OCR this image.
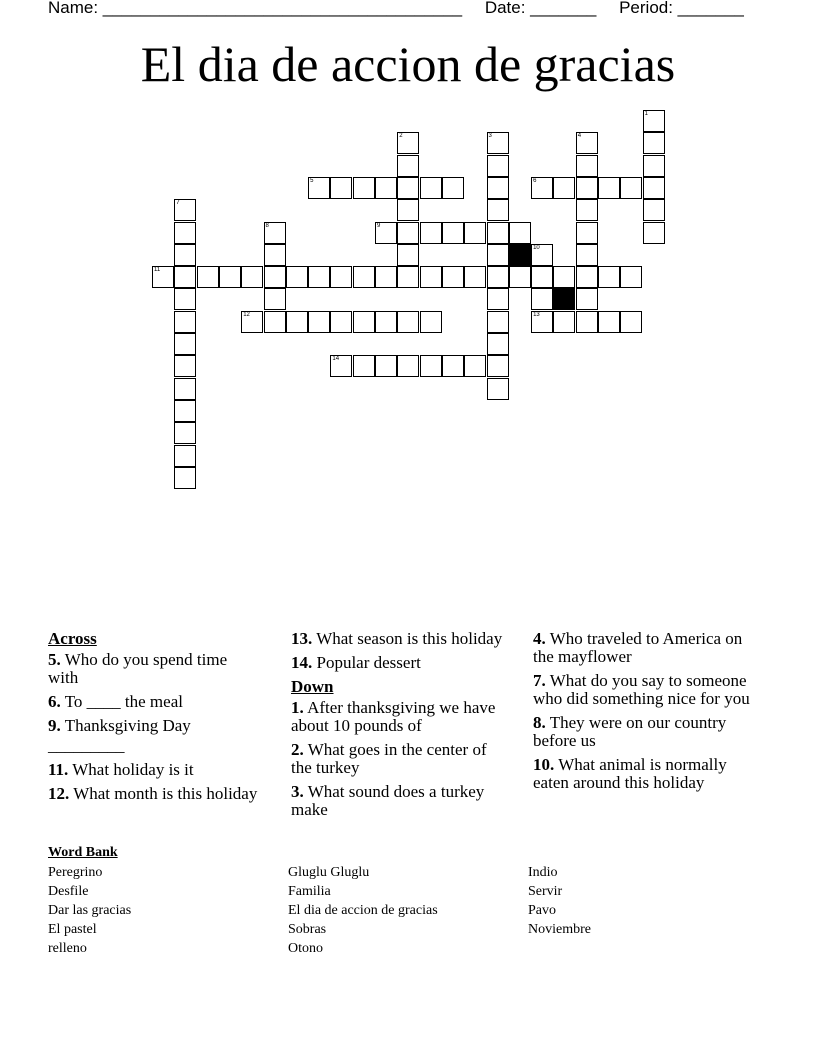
Name: ______________________________________ Date: _______ Period: _______
El dia de accion de gracias
1
2	3	4
5	6
7
8	9
10
13
11
12
14
Across
5. Who do you spend time with
6. To ____ the meal
9. Thanksgiving Day
_________
11. What holiday is it
12. What month is this holiday
13. What season is this holiday
14. Popular dessert
Down
1. After thanksgiving we have about 10 pounds of
2. What goes in the center of the turkey
3. What sound does a turkey make
4. Who traveled to America on the mayflower
7. What do you say to someone who did something nice for you
8. They were on our country before us
10. What animal is normally eaten around this holiday
Word Bank
Peregrino
Desfile
Dar las gracias
El pastel
relleno
Gluglu Gluglu
Familia
El dia de accion de gracias
Sobras
Otono
Indio
Servir
Pavo
Noviembre
